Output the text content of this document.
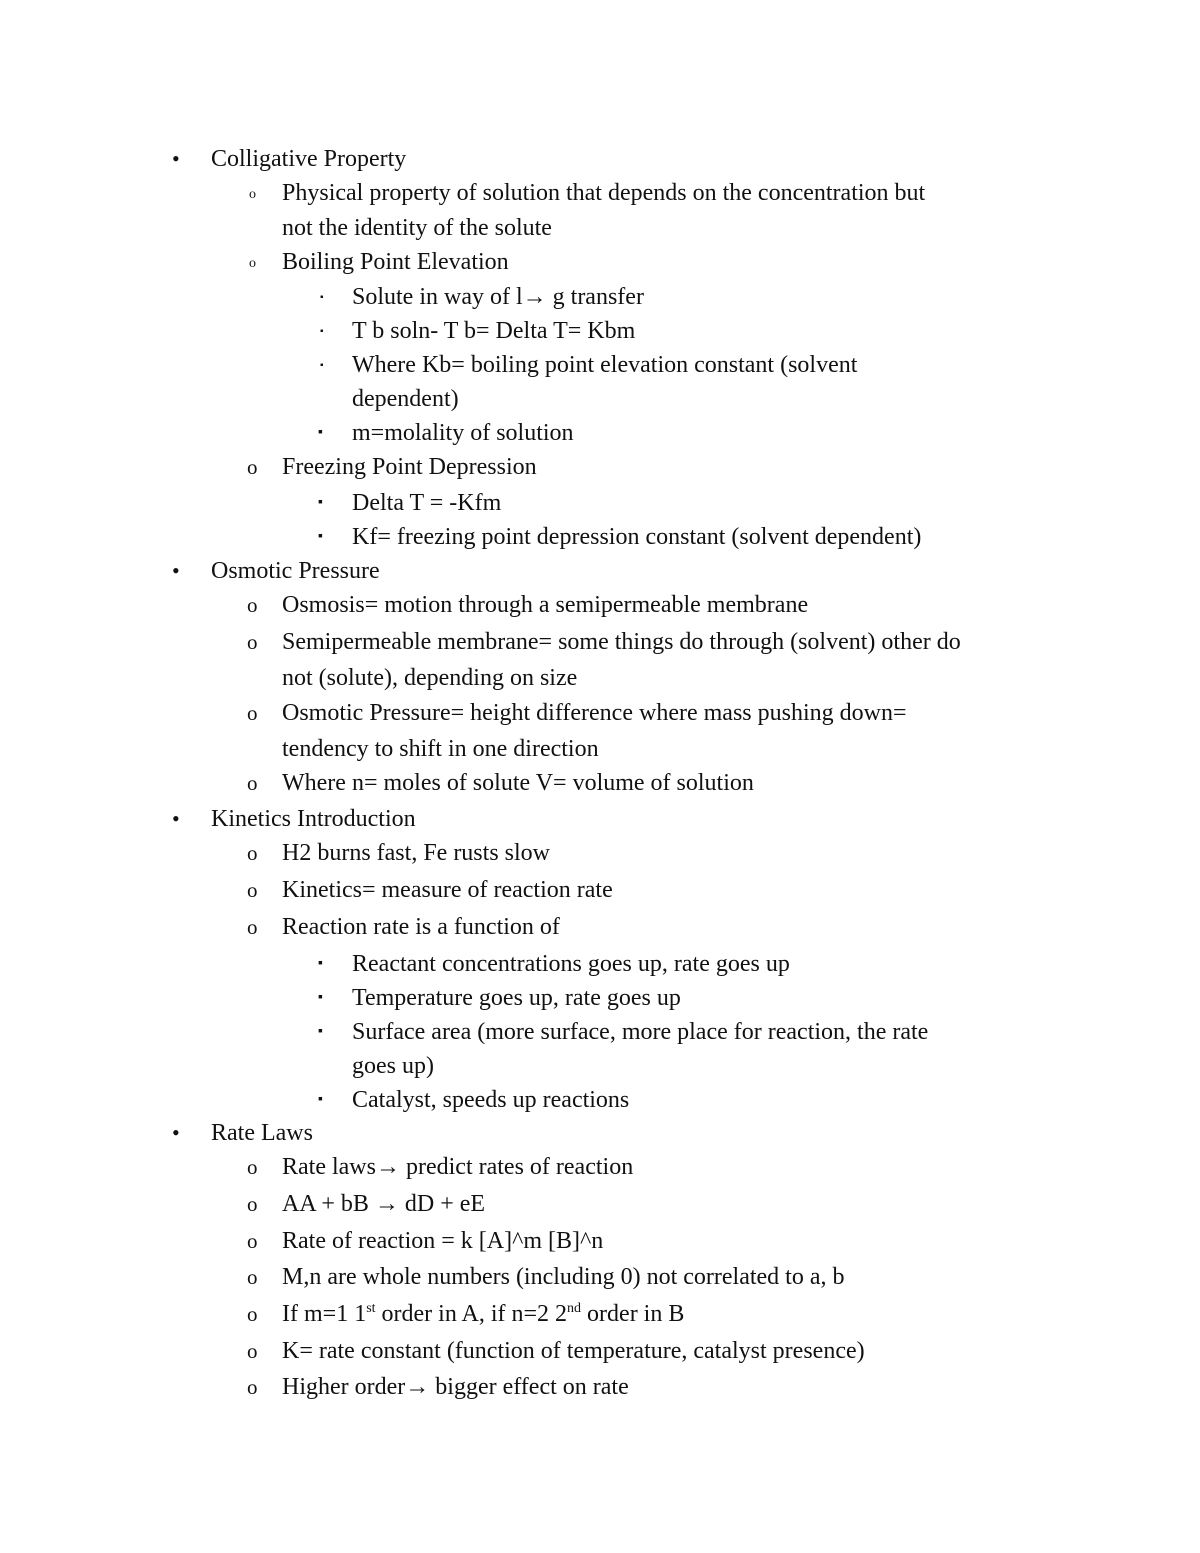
• Colligative Property
o Physical property of solution that depends on the concentration but
not the identity of the solute
o Boiling Point Elevation
▪ Solute in way of l→ g transfer
▪ T b soln- T b= Delta T= Kbm
▪ Where Kb= boiling point elevation constant (solvent
dependent)
▪ m=molality of solution
o Freezing Point Depression
▪ Delta T = -Kfm
▪ Kf= freezing point depression constant (solvent dependent)
• Osmotic Pressure
o Osmosis= motion through a semipermeable membrane
o Semipermeable membrane= some things do through (solvent) other do
not (solute), depending on size
o Osmotic Pressure= height difference where mass pushing down=
tendency to shift in one direction
o Where n= moles of solute V= volume of solution
• Kinetics Introduction
o H2 burns fast, Fe rusts slow
o Kinetics= measure of reaction rate
o Reaction rate is a function of
▪ Reactant concentrations goes up, rate goes up
▪ Temperature goes up, rate goes up
▪ Surface area (more surface, more place for reaction, the rate
goes up)
▪ Catalyst, speeds up reactions
• Rate Laws
o Rate laws→ predict rates of reaction
o AA + bB → dD + eE
o Rate of reaction = k [A]^m [B]^n
o M,n are whole numbers (including 0) not correlated to a, b
o If m=1 1st order in A, if n=2 2nd order in B
o K= rate constant (function of temperature, catalyst presence)
o Higher order→ bigger effect on rate
